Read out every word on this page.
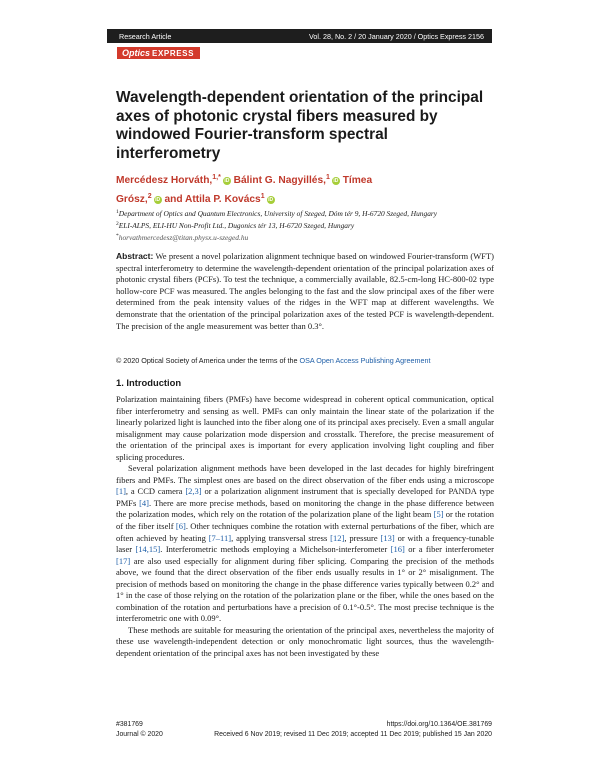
Research Article	Vol. 28, No. 2 / 20 January 2020 / Optics Express 2156
Optics EXPRESS
Wavelength-dependent orientation of the principal axes of photonic crystal fibers measured by windowed Fourier-transform spectral interferometry
Mercédesz Horváth,$^{1,*}$ iD Bálint G. Nagyillés,$^1$ iD Tímea
Grósz,$^2$ iD and Attila P. Kovács$^1$ iD
$^1$Department of Optics and Quantum Electronics, University of Szeged, Dóm tér 9, H-6720 Szeged, Hungary
$^2$ELI-ALPS, ELI-HU Non-Profit Ltd., Dugonics tér 13, H-6720 Szeged, Hungary
*horvathmercedesz@titan.physx.u-szeged.hu
Abstract: We present a novel polarization alignment technique based on windowed Fourier-transform (WFT) spectral interferometry to determine the wavelength-dependent orientation of the principal polarization axes of photonic crystal fibers (PCFs). To test the technique, a commercially available, 82.5-cm-long HC-800-02 type hollow-core PCF was measured. The angles belonging to the fast and the slow principal axes of the fiber were determined from the peak intensity values of the ridges in the WFT map at different wavelengths. We demonstrate that the orientation of the principal polarization axes of the tested PCF is wavelength-dependent. The precision of the angle measurement was better than 0.3°.
© 2020 Optical Society of America under the terms of the OSA Open Access Publishing Agreement
1. Introduction

Polarization maintaining fibers (PMFs) have become widespread in coherent optical communication, optical fiber interferometry and sensing as well. PMFs can only maintain the linear state of the polarization if the linearly polarized light is launched into the fiber along one of its principal axes precisely. Even a small angular misalignment may cause polarization mode dispersion and crosstalk. Therefore, the precise measurement of the orientation of the principal axes is important for every application involving light coupling and fiber splicing procedures.

Several polarization alignment methods have been developed in the last decades for highly birefringent fibers and PMFs. The simplest ones are based on the direct observation of the fiber ends using a microscope [1], a CCD camera [2,3] or a polarization alignment instrument that is specially developed for PANDA type PMFs [4]. There are more precise methods, based on monitoring the change in the phase difference between the polarization modes, which rely on the rotation of the polarization plane of the light beam [5] or the rotation of the fiber itself [6]. Other techniques combine the rotation with external perturbations of the fiber, which are often achieved by heating [7–11], applying transversal stress [12], pressure [13] or with a frequency-tunable laser [14,15]. Interferometric methods employing a Michelson-interferometer [16] or a fiber interferometer [17] are also used especially for alignment during fiber splicing. Comparing the precision of the methods above, we found that the direct observation of the fiber ends usually results in 1° or 2° misalignment. The precision of methods based on monitoring the change in the phase difference varies typically between 0.2° and 1° in the case of those relying on the rotation of the polarization plane or the fiber, while the ones based on the combination of the rotation and perturbations have a precision of 0.1°-0.5°. The most precise technique is the interferometric one with 0.09°.

These methods are suitable for measuring the orientation of the principal axes, nevertheless the majority of these use wavelength-independent detection or only monochromatic light sources, thus the wavelength-dependent orientation of the principal axes has not been investigated by these

#381769	https://doi.org/10.1364/OE.381769
Journal © 2020	Received 6 Nov 2019; revised 11 Dec 2019; accepted 11 Dec 2019; published 15 Jan 2020
